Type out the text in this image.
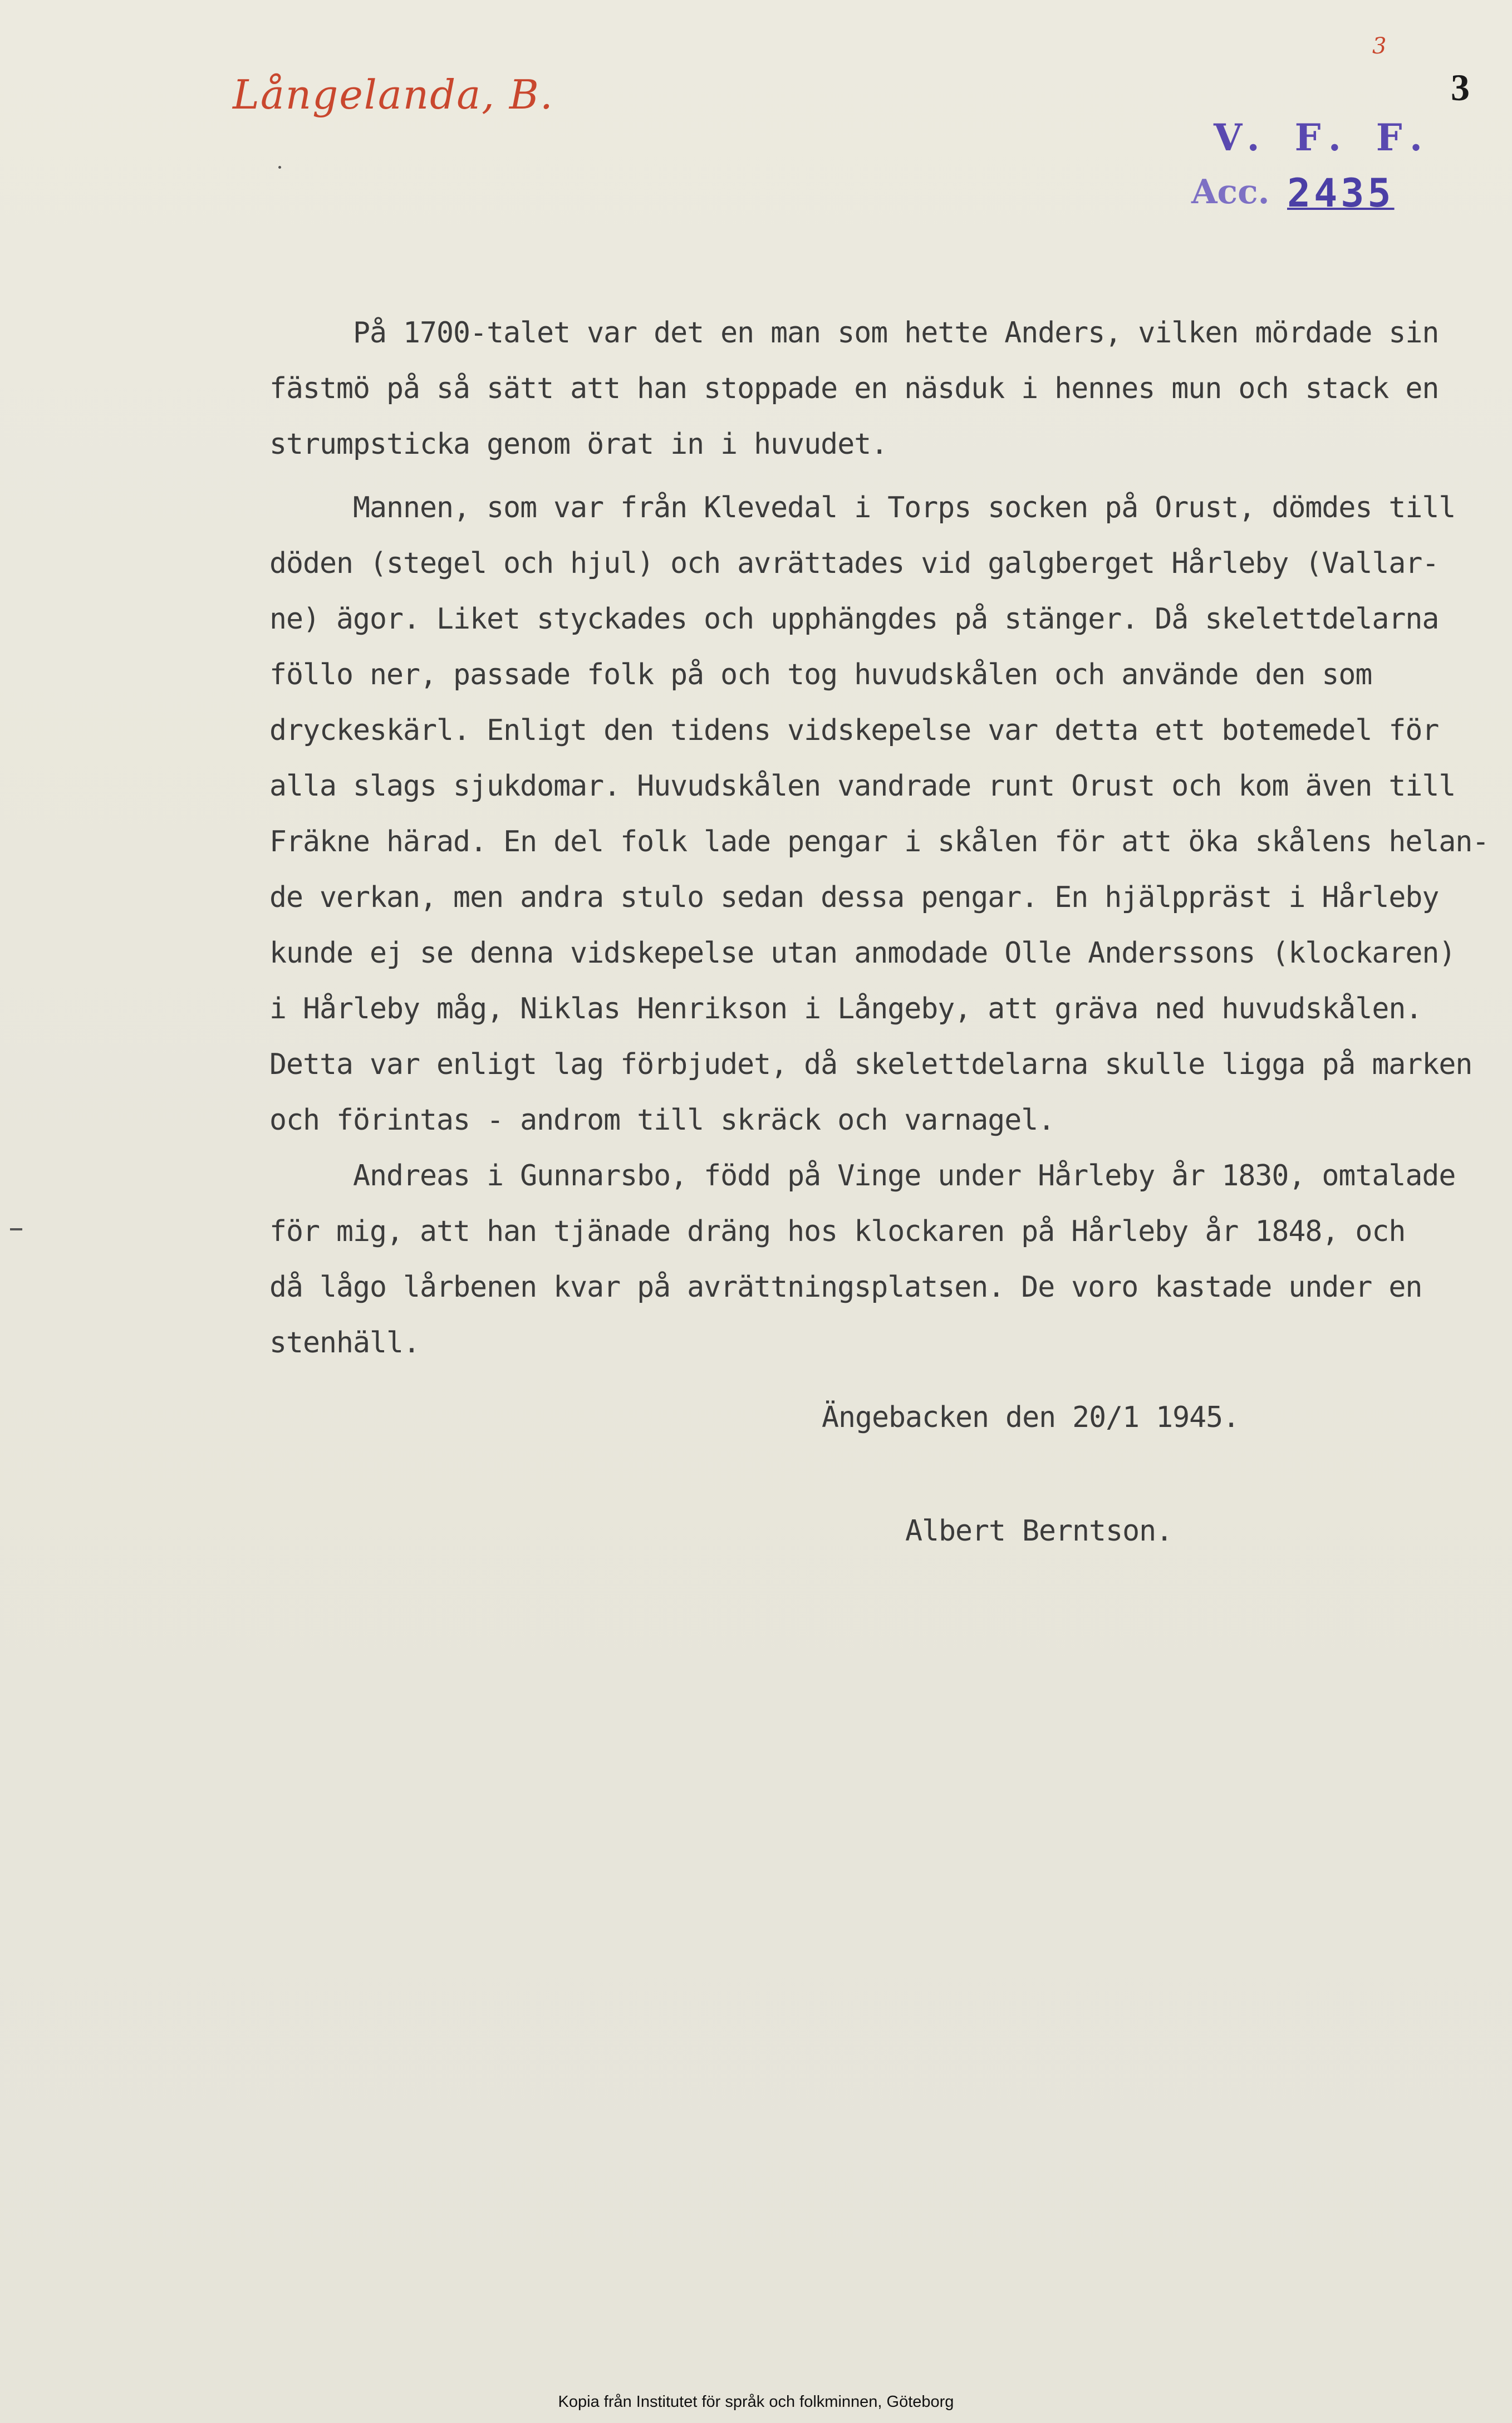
Långelanda, B.
3
3
V. F. F.
Acc. 2435
På 1700-talet var det en man som hette Anders, vilken mördade sin
fästmö på så sätt att han stoppade en näsduk i hennes mun och stack en
strumpsticka genom örat in i huvudet.
Mannen, som var från Klevedal i Torps socken på Orust, dömdes till
döden (stegel och hjul) och avrättades vid galgberget Hårleby (Vallar-
ne) ägor. Liket styckades och upphängdes på stänger. Då skelettdelarna
föllo ner, passade folk på och tog huvudskålen och använde den som
dryckeskärl. Enligt den tidens vidskepelse var detta ett botemedel för
alla slags sjukdomar. Huvudskålen vandrade runt Orust och kom även till
Fräkne härad. En del folk lade pengar i skålen för att öka skålens helan-
de verkan, men andra stulo sedan dessa pengar. En hjälppräst i Hårleby
kunde ej se denna vidskepelse utan anmodade Olle Anderssons (klockaren)
i Hårleby måg, Niklas Henrikson i Långeby, att gräva ned huvudskålen.
Detta var enligt lag förbjudet, då skelettdelarna skulle ligga på marken
och förintas - androm till skräck och varnagel.
Andreas i Gunnarsbo, född på Vinge under Hårleby år 1830, omtalade
för mig, att han tjänade dräng hos klockaren på Hårleby år 1848, och
då lågo lårbenen kvar på avrättningsplatsen. De voro kastade under en
stenhäll.
Ängebacken den 20/1 1945.
Albert Berntson.
Kopia från Institutet för språk och folkminnen, Göteborg
